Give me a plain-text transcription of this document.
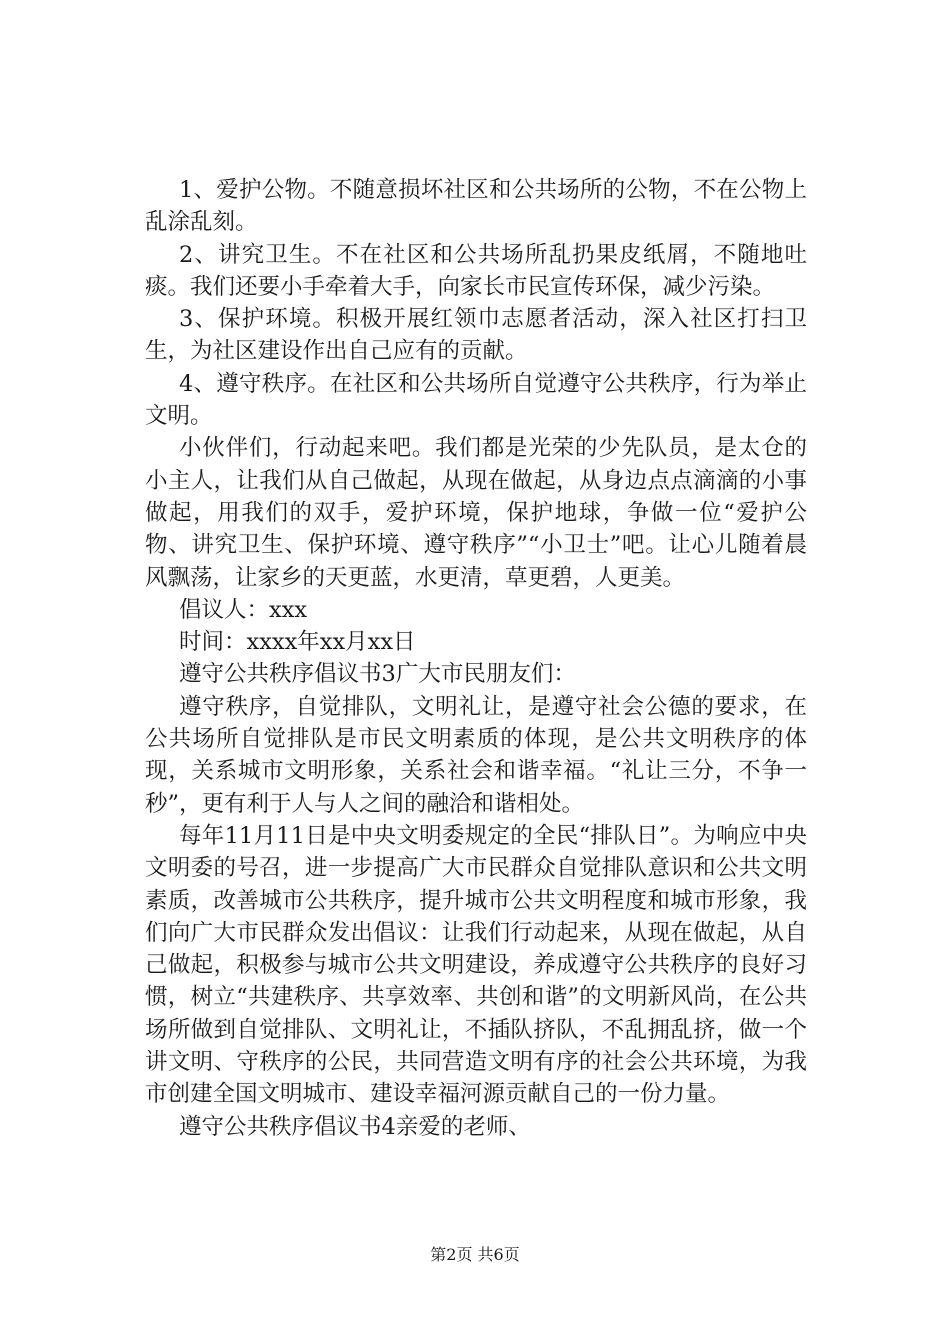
1、爱护公物。不随意损坏社区和公共场所的公物，不在公物上乱涂乱刻。

2、讲究卫生。不在社区和公共场所乱扔果皮纸屑，不随地吐痰。我们还要小手牵着大手，向家长市民宣传环保，减少污染。

3、保护环境。积极开展红领巾志愿者活动，深入社区打扫卫生，为社区建设作出自己应有的贡献。

4、遵守秩序。在社区和公共场所自觉遵守公共秩序，行为举止文明。

小伙伴们，行动起来吧。我们都是光荣的少先队员，是太仓的小主人，让我们从自己做起，从现在做起，从身边点点滴滴的小事做起，用我们的双手，爱护环境，保护地球，争做一位“爱护公物、讲究卫生、保护环境、遵守秩序”“小卫士”吧。让心儿随着晨风飘荡，让家乡的天更蓝，水更清，草更碧，人更美。

倡议人：xxx

时间：xxxx年xx月xx日

遵守公共秩序倡议书3广大市民朋友们：

遵守秩序，自觉排队，文明礼让，是遵守社会公德的要求，在公共场所自觉排队是市民文明素质的体现，是公共文明秩序的体现，关系城市文明形象，关系社会和谐幸福。“礼让三分，不争一秒”，更有利于人与人之间的融洽和谐相处。

每年11月11日是中央文明委规定的全民“排队日”。为响应中央文明委的号召，进一步提高广大市民群众自觉排队意识和公共文明素质，改善城市公共秩序，提升城市公共文明程度和城市形象，我们向广大市民群众发出倡议：让我们行动起来，从现在做起，从自己做起，积极参与城市公共文明建设，养成遵守公共秩序的良好习惯，树立“共建秩序、共享效率、共创和谐”的文明新风尚，在公共场所做到自觉排队、文明礼让，不插队挤队，不乱拥乱挤，做一个讲文明、守秩序的公民，共同营造文明有序的社会公共环境，为我市创建全国文明城市、建设幸福河源贡献自己的一份力量。

遵守公共秩序倡议书4亲爱的老师、

第2页 共6页
